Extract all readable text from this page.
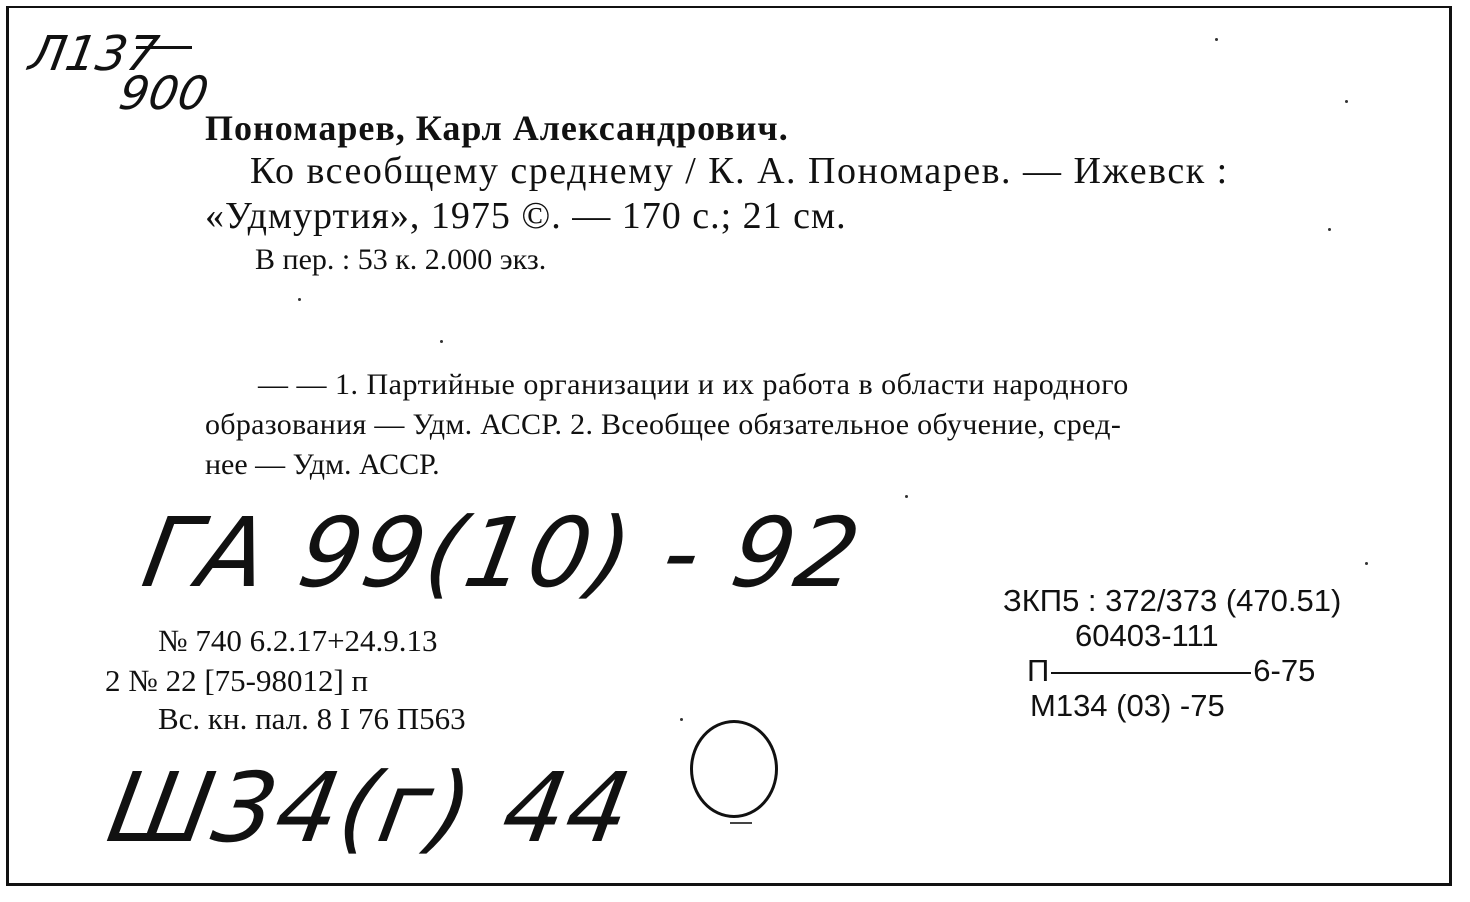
Л137
900

Пономарев, Карл Александрович.

Ко всеобщему среднему / К. А. Пономарев. — Ижевск :

«Удмуртия», 1975 ©. — 170 с.; 21 см.

В пер. : 53 к. 2.000 экз.

— — 1. Партийные организации и их работа в области народного

образования — Удм. АССР. 2. Всеобщее обязательное обучение, сред-

нее — Удм. АССР.

ГА 99(10) - 92

№ 740 6.2.17+24.9.13

2 № 22 [75-98012] п

Вс. кн. пал. 8 I 76 П563

ЗКП5 : 372/373 (470.51)

60403-111

П	6-75

М134 (03) -75

Ш34(г) 44
